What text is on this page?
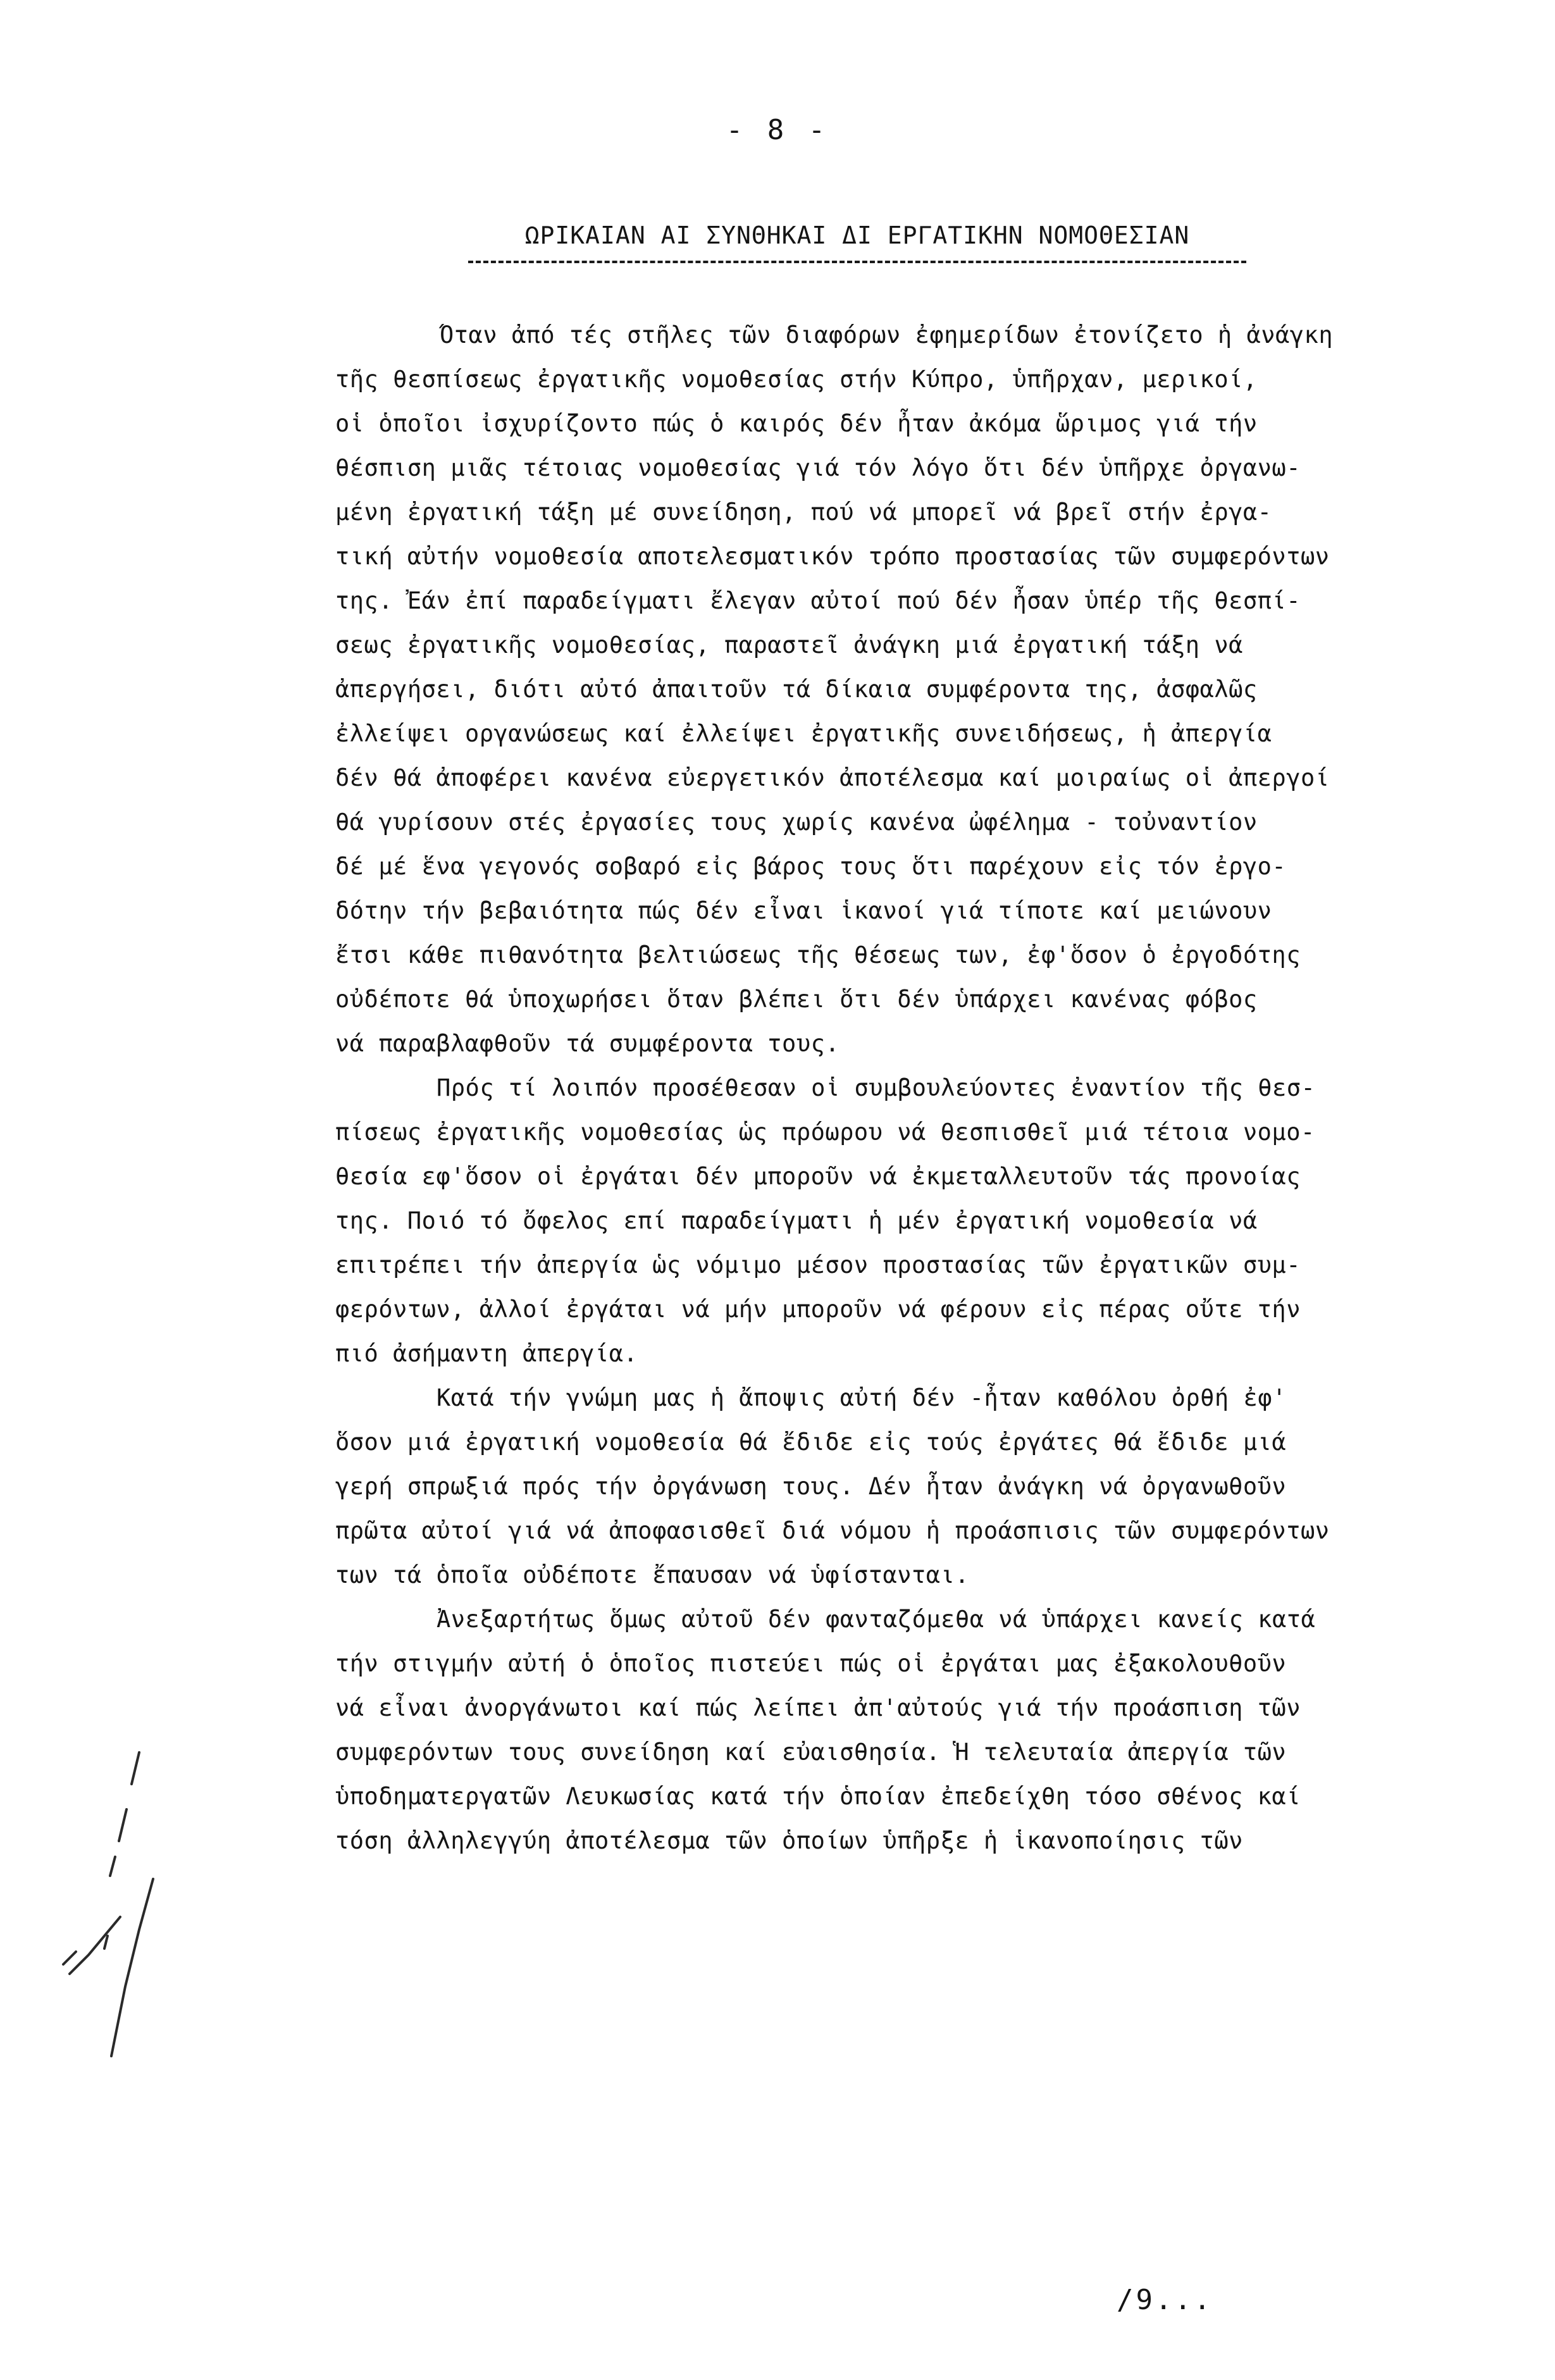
- 8 -
ΩΡΙΚΑΙΑΝ ΑΙ ΣΥΝΘΗΚΑΙ ΔΙ ΕΡΓΑΤΙΚΗΝ ΝΟΜΟΘΕΣΙΑΝ
Όταν ἀπό τές στῆλες τῶν διαφόρων ἐφημερίδων ἐτονίζετο ἡ ἀνάγκη
τῆς θεσπίσεως ἐργατικῆς νομοθεσίας στήν Κύπρο, ὑπῆρχαν, μερικοί,
οἱ ὁποῖοι ἰσχυρίζοντο πώς ὁ καιρός δέν ἦταν ἀκόμα ὥριμος γιά τήν
θέσπιση μιᾶς τέτοιας νομοθεσίας γιά τόν λόγο ὅτι δέν ὑπῆρχε ὀργανω-
μένη ἐργατική τάξη μέ συνείδηση, πού νά μπορεῖ νά βρεῖ στήν ἐργα-
τική αὐτήν νομοθεσία αποτελεσματικόν τρόπο προστασίας τῶν συμφερόντων
της. Ἐάν ἐπί παραδείγματι ἔλεγαν αὐτοί πού δέν ἦσαν ὑπέρ τῆς θεσπί-
σεως ἐργατικῆς νομοθεσίας, παραστεῖ ἀνάγκη μιά ἐργατική τάξη νά
ἀπεργήσει, διότι αὐτό ἀπαιτοῦν τά δίκαια συμφέροντα της, ἀσφαλῶς
ἐλλείψει οργανώσεως καί ἐλλείψει ἐργατικῆς συνειδήσεως, ἡ ἀπεργία
δέν θά ἀποφέρει κανένα εὐεργετικόν ἀποτέλεσμα καί μοιραίως οἱ ἀπεργοί
θά γυρίσουν στές ἐργασίες τους χωρίς κανένα ὠφέλημα - τοὐναντίον
δέ μέ ἕνα γεγονός σοβαρό εἰς βάρος τους ὅτι παρέχουν εἰς τόν ἐργο-
δότην τήν βεβαιότητα πώς δέν εἶναι ἱκανοί γιά τίποτε καί μειώνουν
ἔτσι κάθε πιθανότητα βελτιώσεως τῆς θέσεως των, ἐφ'ὅσον ὁ ἐργοδότης
οὐδέποτε θά ὑποχωρήσει ὅταν βλέπει ὅτι δέν ὑπάρχει κανένας φόβος
νά παραβλαφθοῦν τά συμφέροντα τους.
Πρός τί λοιπόν προσέθεσαν οἱ συμβουλεύοντες ἐναντίον τῆς θεσ-
πίσεως ἐργατικῆς νομοθεσίας ὡς πρόωρου νά θεσπισθεῖ μιά τέτοια νομο-
θεσία εφ'ὅσον οἱ ἐργάται δέν μποροῦν νά ἐκμεταλλευτοῦν τάς προνοίας
της. Ποιό τό ὄφελος επί παραδείγματι ἡ μέν ἐργατική νομοθεσία νά
επιτρέπει τήν ἀπεργία ὡς νόμιμο μέσον προστασίας τῶν ἐργατικῶν συμ-
φερόντων, ἀλλοί ἐργάται νά μήν μποροῦν νά φέρουν εἰς πέρας οὔτε τήν
πιό ἀσήμαντη ἀπεργία.
Κατά τήν γνώμη μας ἡ ἄποψις αὐτή δέν -ἦταν καθόλου ὀρθή ἐφ'
ὅσον μιά ἐργατική νομοθεσία θά ἔδιδε εἰς τούς ἐργάτες θά ἔδιδε μιά
γερή σπρωξιά πρός τήν ὀργάνωση τους. Δέν ἦταν ἀνάγκη νά ὀργανωθοῦν
πρῶτα αὐτοί γιά νά ἀποφασισθεῖ διά νόμου ἡ προάσπισις τῶν συμφερόντων
των τά ὁποῖα οὐδέποτε ἔπαυσαν νά ὑφίστανται.
Ἀνεξαρτήτως ὅμως αὐτοῦ δέν φανταζόμεθα νά ὑπάρχει κανείς κατά
τήν στιγμήν αὐτή ὁ ὁποῖος πιστεύει πώς οἱ ἐργάται μας ἐξακολουθοῦν
νά εἶναι ἀνοργάνωτοι καί πώς λείπει ἀπ'αὐτούς γιά τήν προάσπιση τῶν
συμφερόντων τους συνείδηση καί εὐαισθησία. Ἡ τελευταία ἀπεργία τῶν
ὑποδηματεργατῶν Λευκωσίας κατά τήν ὁποίαν ἐπεδείχθη τόσο σθένος καί
τόση ἀλληλεγγύη ἀποτέλεσμα τῶν ὁποίων ὑπῆρξε ἡ ἱκανοποίησις τῶν
/9...
